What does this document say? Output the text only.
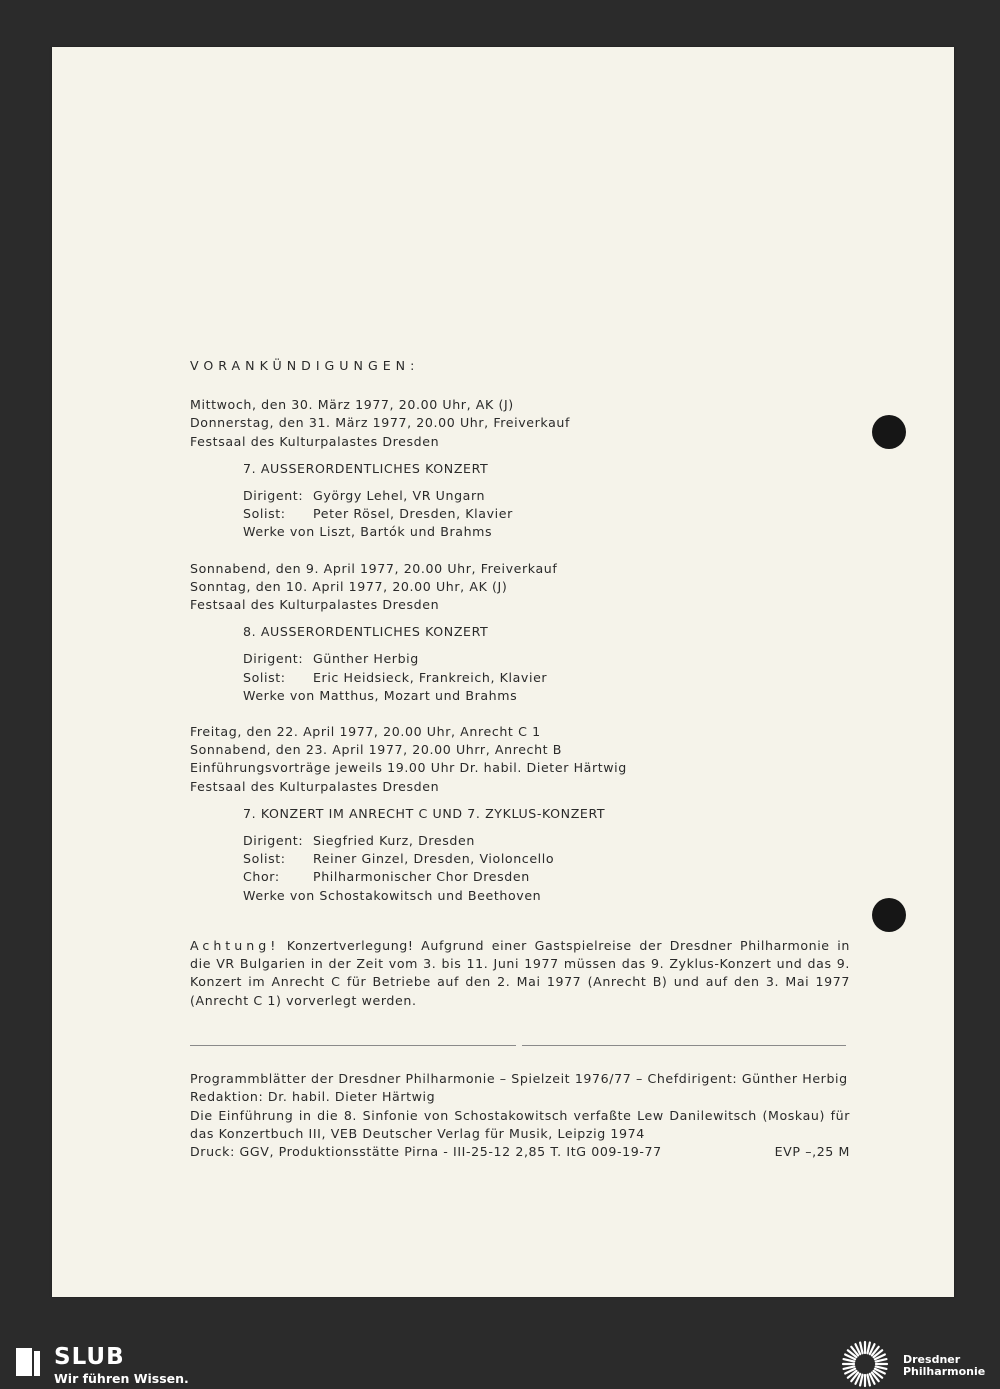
VORANKÜNDIGUNGEN:
Mittwoch, den 30. März 1977, 20.00 Uhr, AK (J)
Donnerstag, den 31. März 1977, 20.00 Uhr, Freiverkauf
Festsaal des Kulturpalastes Dresden
7. AUSSERORDENTLICHES KONZERT
Dirigent: György Lehel, VR Ungarn
Solist: Peter Rösel, Dresden, Klavier
Werke von Liszt, Bartók und Brahms
Sonnabend, den 9. April 1977, 20.00 Uhr, Freiverkauf
Sonntag, den 10. April 1977, 20.00 Uhr, AK (J)
Festsaal des Kulturpalastes Dresden
8. AUSSERORDENTLICHES KONZERT
Dirigent: Günther Herbig
Solist: Eric Heidsieck, Frankreich, Klavier
Werke von Matthus, Mozart und Brahms
Freitag, den 22. April 1977, 20.00 Uhr, Anrecht C 1
Sonnabend, den 23. April 1977, 20.00 Uhrr, Anrecht B
Einführungsvorträge jeweils 19.00 Uhr Dr. habil. Dieter Härtwig
Festsaal des Kulturpalastes Dresden
7. KONZERT IM ANRECHT C UND 7. ZYKLUS-KONZERT
Dirigent: Siegfried Kurz, Dresden
Solist: Reiner Ginzel, Dresden, Violoncello
Chor:	Philharmonischer Chor Dresden
Werke von Schostakowitsch und Beethoven
Achtung! Konzertverlegung! Aufgrund einer Gastspielreise der Dresdner Philharmonie in die VR Bulgarien in der Zeit vom 3. bis 11. Juni 1977 müssen das 9. Zyklus-Konzert und das 9. Konzert im Anrecht C für Betriebe auf den 2. Mai 1977 (Anrecht B) und auf den 3. Mai 1977 (Anrecht C 1) vorverlegt werden.
Programmblätter der Dresdner Philharmonie – Spielzeit 1976/77 – Chefdirigent: Günther Herbig
Redaktion: Dr. habil. Dieter Härtwig
Die Einführung in die 8. Sinfonie von Schostakowitsch verfaßte Lew Danilewitsch (Moskau) für das Konzertbuch III, VEB Deutscher Verlag für Musik, Leipzig 1974
Druck: GGV, Produktionsstätte Pirna - III-25-12 2,85 T. ItG 009-19-77	EVP –,25 M
SLUB
Wir führen Wissen.
Dresdner
Philharmonie
